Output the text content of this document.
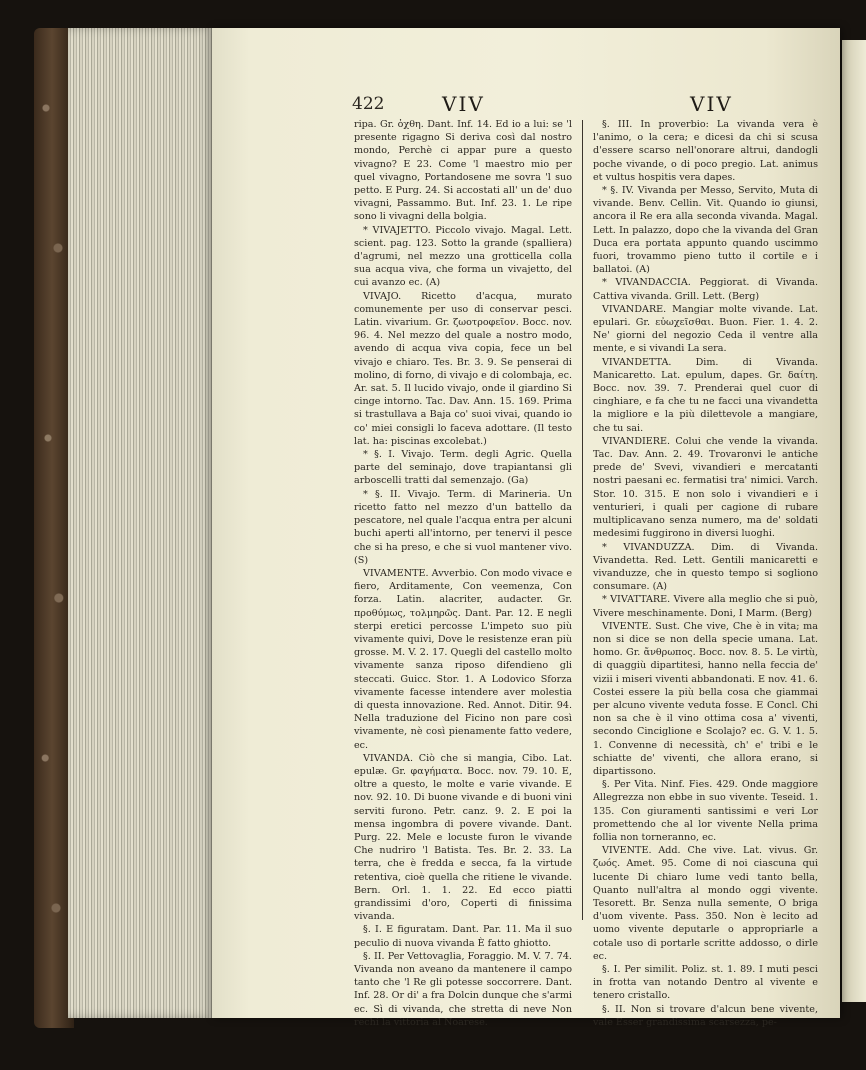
422	VIV	VIV

ripa. Gr. ὀχθη. Dant. Inf. 14. Ed io a lui: se 'l presente rigagno Si deriva così dal nostro mondo, Perchè ci appar pure a questo vivagno? E 23. Come 'l maestro mio per quel vivagno, Portandosene me sovra 'l suo petto. E Purg. 24. Si accostati all' un de' duo vivagni, Passammo. But. Inf. 23. 1. Le ripe sono li vivagni della bolgia.

* VIVAJETTO. Piccolo vivajo. Magal. Lett. scient. pag. 123. Sotto la grande (spalliera) d'agrumi, nel mezzo una grotticella colla sua acqua viva, che forma un vivajetto, del cui avanzo ec. (A)

VIVAJO. Ricetto d'acqua, murato comunemente per uso di conservar pesci. Latin. vivarium. Gr. ζωοτροφεῖον. Bocc. nov. 96. 4. Nel mezzo del quale a nostro modo, avendo di acqua viva copia, fece un bel vivajo e chiaro. Tes. Br. 3. 9. Se penserai di molino, di forno, di vivajo e di colombaja, ec. Ar. sat. 5. Il lucido vivajo, onde il giardino Si cinge intorno. Tac. Dav. Ann. 15. 169. Prima si trastullava a Baja co' suoi vivai, quando io co' miei consigli lo faceva adottare. (Il testo lat. ha: piscinas excolebat.)

* §. I. Vivajo. Term. degli Agric. Quella parte del seminajo, dove trapiantansi gli arboscelli tratti dal semenzajo. (Ga)

* §. II. Vivajo. Term. di Marineria. Un ricetto fatto nel mezzo d'un battello da pescatore, nel quale l'acqua entra per alcuni buchi aperti all'intorno, per tenervi il pesce che si ha preso, e che si vuol mantener vivo. (S)

VIVAMENTE. Avverbio. Con modo vivace e fiero, Arditamente, Con veemenza, Con forza. Latin. alacriter, audacter. Gr. προθύμως, τολμηρῶς. Dant. Par. 12. E negli sterpi eretici percosse L'impeto suo più vivamente quivi, Dove le resistenze eran più grosse. M. V. 2. 17. Quegli del castello molto vivamente sanza riposo difendieno gli steccati. Guicc. Stor. 1. A Lodovico Sforza vivamente facesse intendere aver molestia di questa innovazione. Red. Annot. Ditir. 94. Nella traduzione del Ficino non pare così vivamente, nè così pienamente fatto vedere, ec.

VIVANDA. Ciò che si mangia, Cibo. Lat. epulæ. Gr. φαγήματα. Bocc. nov. 79. 10. E, oltre a questo, le molte e varie vivande. E nov. 92. 10. Di buone vivande e di buoni vini serviti furono. Petr. canz. 9. 2. E poi la mensa ingombra di povere vivande. Dant. Purg. 22. Mele e locuste furon le vivande Che nudriro 'l Batista. Tes. Br. 2. 33. La terra, che è fredda e secca, fa la virtude retentiva, cioè quella che ritiene le vivande. Bern. Orl. 1. 1. 22. Ed ecco piatti grandissimi d'oro, Coperti di finissima vivanda.

§. I. E figuratam. Dant. Par. 11. Ma il suo peculio di nuova vivanda È fatto ghiotto.

§. II. Per Vettovaglia, Foraggio. M. V. 7. 74. Vivanda non aveano da mantenere il campo tanto che 'l Re gli potesse soccorrere. Dant. Inf. 28. Or di' a fra Dolcin dunque che s'armi ec. Sì di vivanda, che stretta di neve Non rechi la vittoria al Noarese.

§. III. In proverbio: La vivanda vera è l'animo, o la cera; e dicesi da chi si scusa d'essere scarso nell'onorare altrui, dandogli poche vivande, o di poco pregio. Lat. animus et vultus hospitis vera dapes.

* §. IV. Vivanda per Messo, Servito, Muta di vivande. Benv. Cellin. Vit. Quando io giunsi, ancora il Re era alla seconda vivanda. Magal. Lett. In palazzo, dopo che la vivanda del Gran Duca era portata appunto quando uscimmo fuori, trovammo pieno tutto il cortile e i ballatoi. (A)

* VIVANDACCIA. Peggiorat. di Vivanda. Cattiva vivanda. Grill. Lett. (Berg)

VIVANDARE. Mangiar molte vivande. Lat. epulari. Gr. εὐωχεῖσθαι. Buon. Fier. 1. 4. 2. Ne' giorni del negozio Ceda il ventre alla mente, e si vivandi La sera.

VIVANDETTA. Dim. di Vivanda. Manicaretto. Lat. epulum, dapes. Gr. δαίτη. Bocc. nov. 39. 7. Prenderai quel cuor di cinghiare, e fa che tu ne facci una vivandetta la migliore e la più dilettevole a mangiare, che tu sai.

VIVANDIERE. Colui che vende la vivanda. Tac. Dav. Ann. 2. 49. Trovaronvi le antiche prede de' Svevi, vivandieri e mercatanti nostri paesani ec. fermatisi tra' nimici. Varch. Stor. 10. 315. E non solo i vivandieri e i venturieri, i quali per cagione di rubare multiplicavano senza numero, ma de' soldati medesimi fuggirono in diversi luoghi.

* VIVANDUZZA. Dim. di Vivanda. Vivandetta. Red. Lett. Gentili manicaretti e vivanduzze, che in questo tempo si sogliono consumare. (A)

* VIVATTARE. Vivere alla meglio che si può, Vivere meschinamente. Doni, I Marm. (Berg)

VIVENTE. Sust. Che vive, Che è in vita; ma non si dice se non della specie umana. Lat. homo. Gr. ἄνθρωπος. Bocc. nov. 8. 5. Le virtù, di quaggiù dipartitesi, hanno nella feccia de' vizii i miseri viventi abbandonati. E nov. 41. 6. Costei essere la più bella cosa che giammai per alcuno vivente veduta fosse. E Concl. Chi non sa che è il vino ottima cosa a' viventi, secondo Cinciglione e Scolajo? ec. G. V. 1. 5. 1. Convenne di necessità, ch' e' tribi e le schiatte de' viventi, che allora erano, si dipartissono.

§. Per Vita. Ninf. Fies. 429. Onde maggiore Allegrezza non ebbe in suo vivente. Teseid. 1. 135. Con giuramenti santissimi e veri Lor promettendo che al lor vivente Nella prima follia non torneranno, ec.

VIVENTE. Add. Che vive. Lat. vivus. Gr. ζωός. Amet. 95. Come di noi ciascuna qui lucente Di chiaro lume vedi tanto bella, Quanto null'altra al mondo oggi vivente. Tesorett. Br. Senza nulla semente, O briga d'uom vivente. Pass. 350. Non è lecito ad uomo vivente deputarle o appropriarle a cotale uso di portarle scritte addosso, o dirle ec.

§. I. Per similit. Poliz. st. 1. 89. I muti pesci in frotta van notando Dentro al vivente e tenero cristallo.

§. II. Non si trovare d'alcun bene vivente, vale Esser grandissima scarsezza, pe-
